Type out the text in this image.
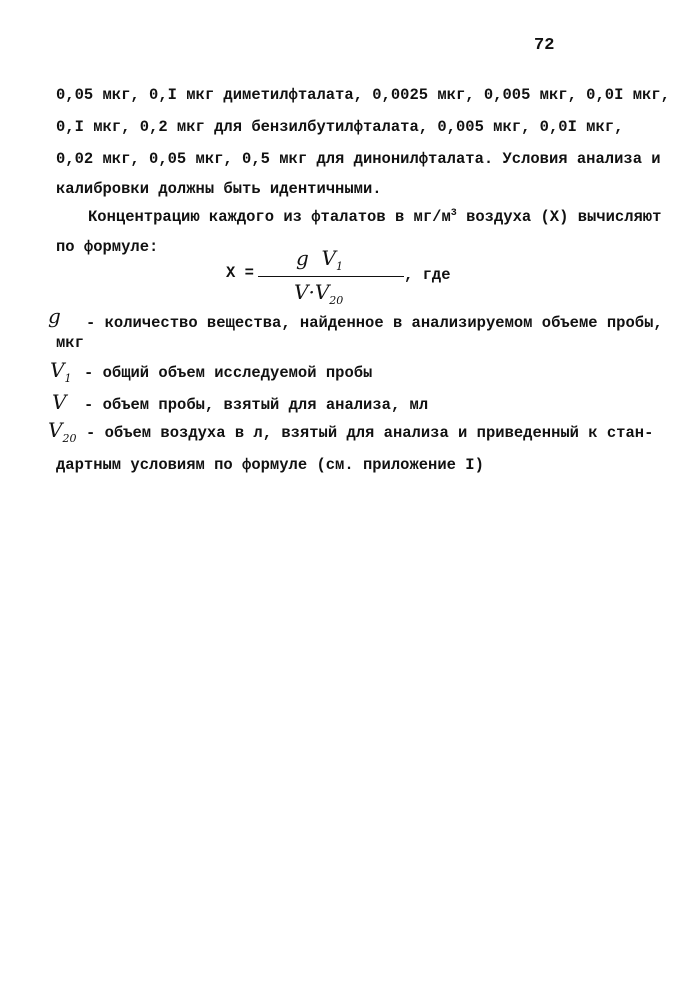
72
0,05 мкг, 0,I мкг диметилфталата, 0,0025 мкг, 0,005 мкг, 0,0I мкг,
0,I мкг, 0,2 мкг для бензилбутилфталата, 0,005 мкг, 0,0I мкг,
0,02 мкг, 0,05 мкг, 0,5 мкг для динонилфталата. Условия анализа и
калибровки должны быть идентичными.
Концентрацию каждого из фталатов в $мг/м^3$ воздуха (X) вычисляют
по формуле:
X =
g $V_1$
$V\cdot V_{20}$
, где
g - количество вещества, найденное в анализируемом объеме пробы,
мкг
$V_1$ - общий объем исследуемой пробы
V - объем пробы, взятый для анализа, мл
$V_{20}$ - объем воздуха в л, взятый для анализа и приведенный к стан-
дартным условиям по формуле (см. приложение I)
